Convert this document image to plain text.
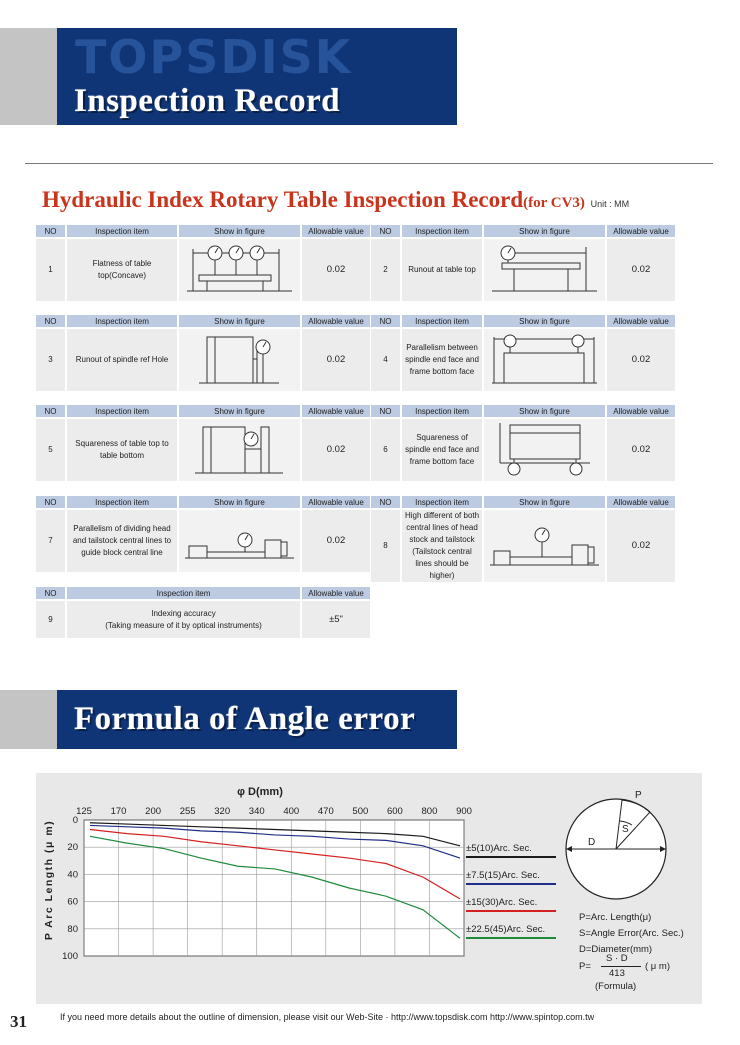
TOPSDISK
Inspection Record
Hydraulic Index Rotary Table Inspection Record(for CV3) Unit : MM
NO	Inspection item	Show in figure	Allowable value
1	Flatness of table top(Concave)		0.02
NO	Inspection item	Show in figure	Allowable value
2	Runout at table top		0.02
NO	Inspection item	Show in figure	Allowable value
3	Runout of spindle ref Hole		0.02
NO	Inspection item	Show in figure	Allowable value
4	Parallelism between spindle end face and frame bottom face		0.02
NO	Inspection item	Show in figure	Allowable value
5	Squareness of table top to table bottom		0.02
NO	Inspection item	Show in figure	Allowable value
6	Squareness of spindle end face and frame bottom face		0.02
NO	Inspection item	Show in figure	Allowable value
7	Parallelism of dividing head and tailstock central lines to guide block central line		0.02
NO	Inspection item	Show in figure	Allowable value
8	High different of both central lines of head stock and tailstock (Tailstock central lines should be higher)		0.02
NO	Inspection item	Allowable value
9	Indexing accuracy
(Taking measure of it by optical instruments)	±5"
Formula of Angle error
φ D(mm)
P Arc Length (μ m)
125 170 200 255 320 340 400 470 500 600 800 900
0
20
40
60
80
100
±5(10)Arc. Sec.
±7.5(15)Arc. Sec.
±15(30)Arc. Sec.
±22.5(45)Arc. Sec.
P
S
D
P=Arc. Length(μ)
S=Angle Error(Arc. Sec.)
D=Diameter(mm)
P=
S · D
413
( μ m)
(Formula)
31	If you need more details about the outline of dimension, please visit our Web-Site · http://www.topsdisk.com http://www.spintop.com.tw
